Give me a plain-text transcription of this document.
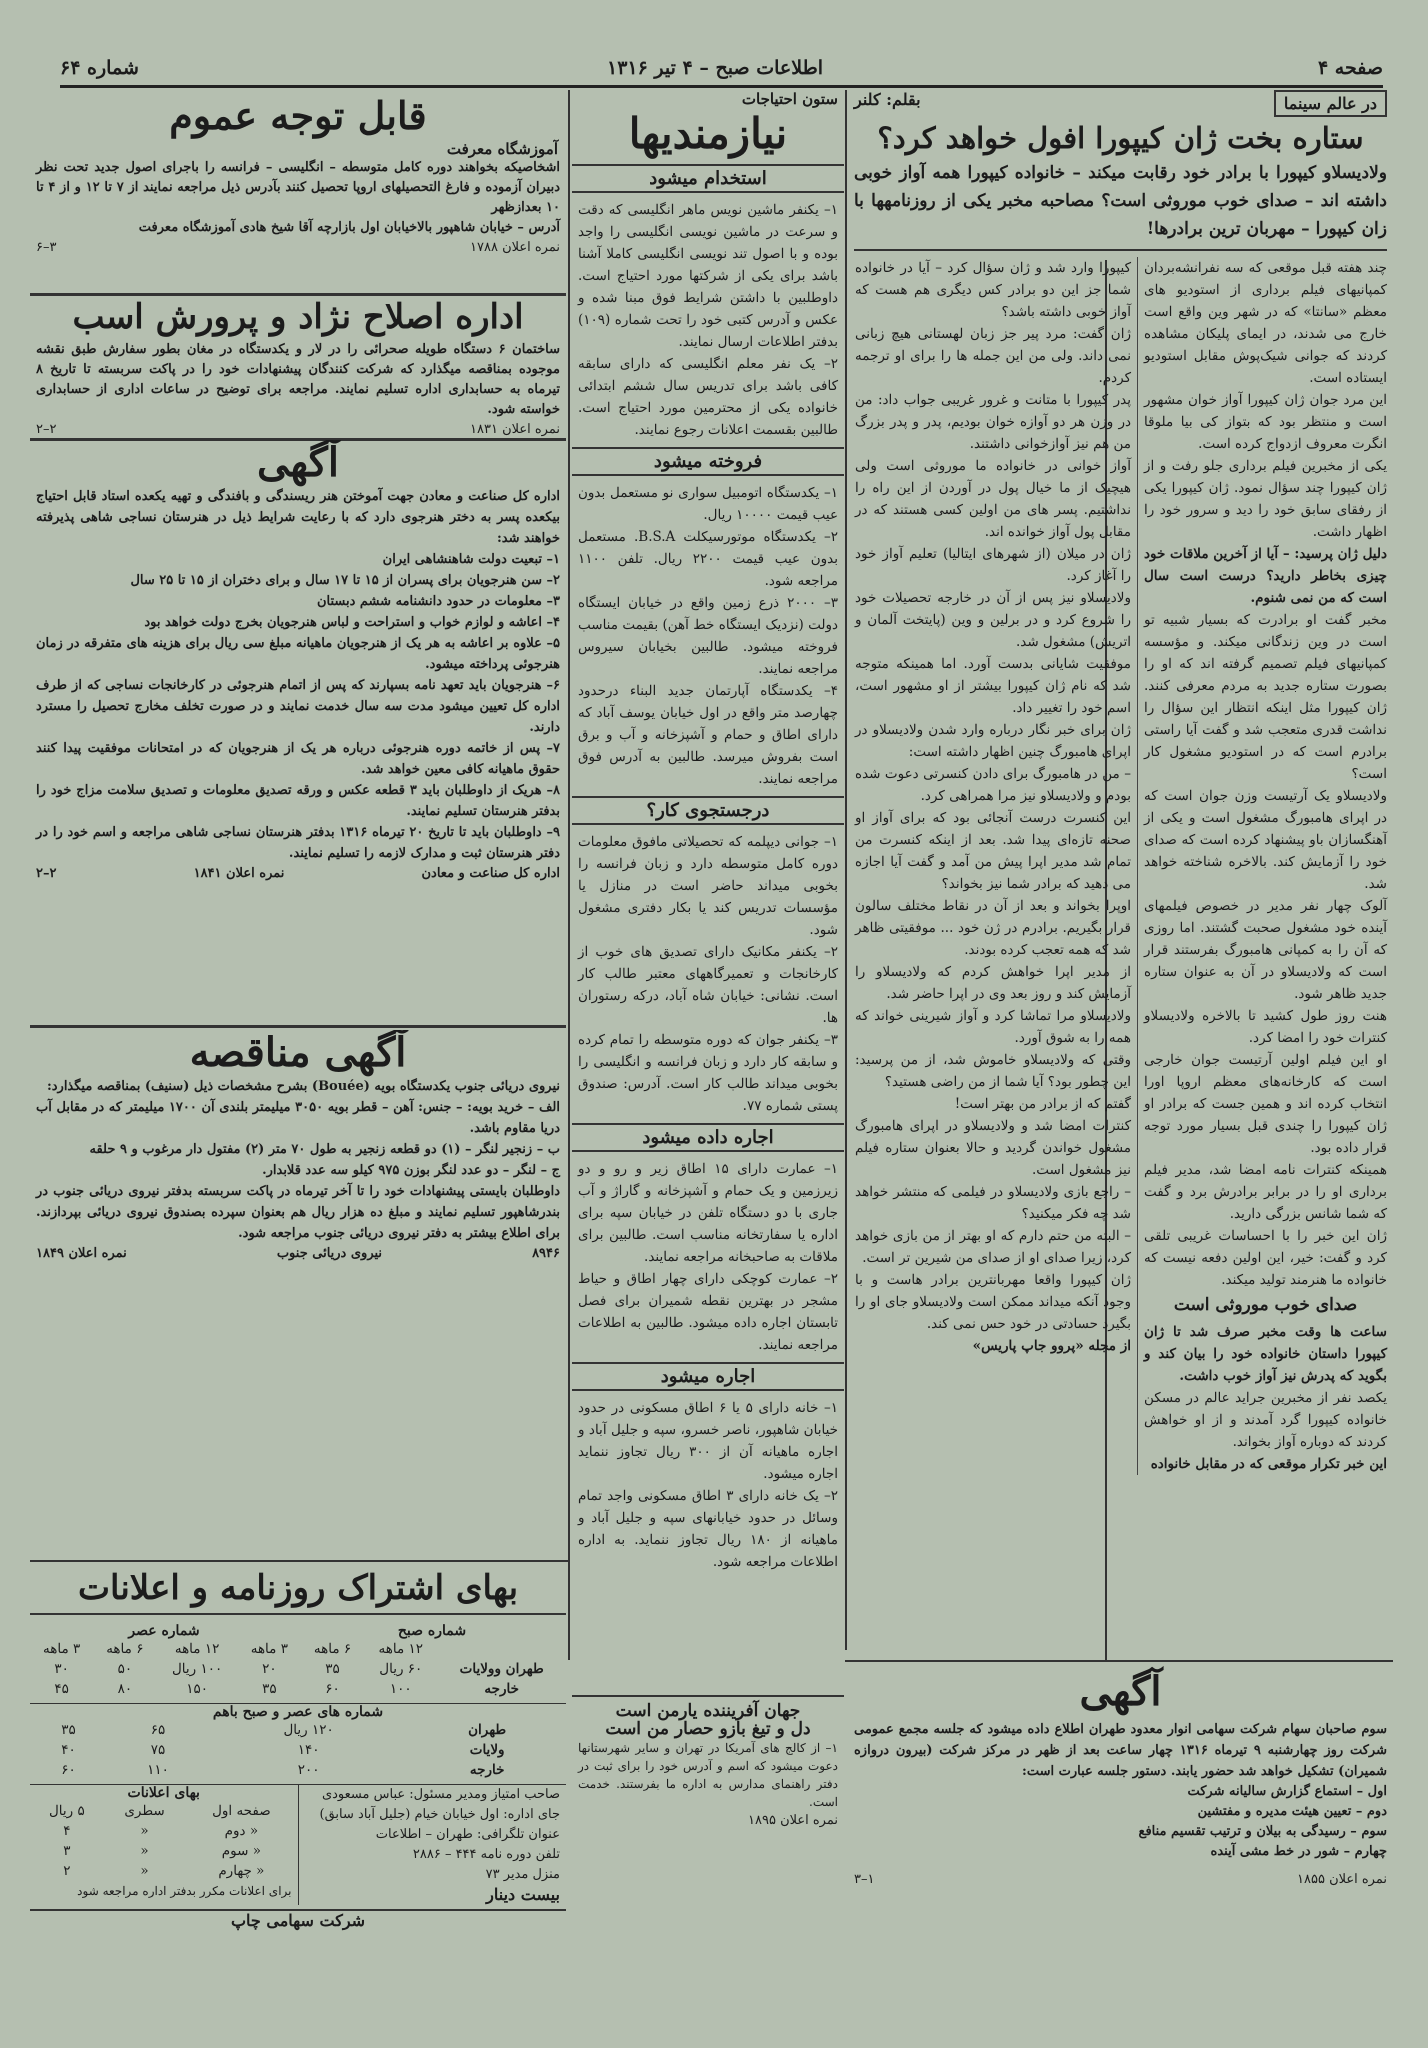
صفحه ۴
اطلاعات صبح – ۴ تیر ۱۳۱۶
شماره ۶۴
در عالم سینما
بقلم: کلنر
ستاره بخت ژان کیپورا افول خواهد کرد؟
ولادیسلاو کیپورا با برادر خود رقابت میکند – خانواده کیپورا همه آواز خوبی داشته اند – صدای خوب موروثی است؟ مصاحبه مخبر یکی از روزنامهها با زان کیپورا – مهربان ترین برادرها!

چند هفته قبل موقعی که سه نفرانشه‌بردان کمپانیهای فیلم برداری از استودیو های معظم «سانتا» که در شهر وین واقع است خارج می شدند، در ایمای پلیکان مشاهده کردند که جوانی شیک‌پوش مقابل استودیو ایستاده است.

این مرد جوان ژان کیپورا آواز خوان مشهور است و منتظر بود که بتواز کی بیا ملوقا انگرت معروف ازدواج کرده است.

یکی از مخبرین فیلم برداری جلو رفت و از ژان کیپورا چند سؤال نمود. ژان کیپورا یکی از رفقای سابق خود را دید و سرور خود را اظهار داشت.

دلیل ژان پرسید: – آیا از آخرین ملاقات خود چیزی بخاطر دارید؟ درست است سال است که من نمی شنوم.

مخبر گفت او برادرت که بسیار شبیه تو است در وین زندگانی میکند. و مؤسسه کمپانیهای فیلم تصمیم گرفته اند که او را بصورت ستاره جدید به مردم معرفی کنند. ژان کیپورا مثل اینکه انتظار این سؤال را نداشت قدری متعجب شد و گفت آیا راستی برادرم است که در استودیو مشغول کار است؟

ولادیسلاو یک آرتیست وزن جوان است که در اپرای هامبورگ مشغول است و یکی از آهنگسازان باو پیشنهاد کرده است که صدای خود را آزمایش کند. بالاخره شناخته خواهد شد.

آلوک چهار نفر مدیر در خصوص فیلمهای آینده خود مشغول صحبت گشتند. اما روزی که آن را به کمپانی هامبورگ بفرستند قرار است که ولادیسلاو در آن به عنوان ستاره جدید ظاهر شود.

هنت روز طول کشید تا بالاخره ولادیسلاو کنترات خود را امضا کرد.

او این فیلم اولین آرتیست جوان خارجی است که کارخانه‌های معظم اروپا اورا انتخاب کرده اند و همین جست که برادر او ژان کیپورا را چندی قبل بسیار مورد توجه قرار داده بود.

همینکه کنترات نامه امضا شد، مدیر فیلم برداری او را در برابر برادرش برد و گفت که شما شانس بزرگی دارید.

ژان این خبر را با احساسات غریبی تلقی کرد و گفت: خیر، این اولین دفعه نیست که خانواده ما هنرمند تولید میکند.

صدای خوب موروثی است

ساعت ها وقت مخبر صرف شد تا ژان کیپورا داستان خانواده خود را بیان کند و بگوید که پدرش نیز آواز خوب داشت.

یکصد نفر از مخبرین جراید عالم در مسکن خانواده کیپورا گرد آمدند و از او خواهش کردند که دوباره آواز بخواند.

این خبر تکرار موقعی که در مقابل خانواده

کیپورا وارد شد و ژان سؤال کرد – آیا در خانواده شما جز این دو برادر کس دیگری هم هست که آواز خوبی داشته باشد؟

ژان گفت: مرد پیر جز زبان لهستانی هیچ زبانی نمی داند. ولی من این جمله ها را برای او ترجمه کردم.

پدر کیپورا با متانت و غرور غریبی جواب داد: من در وزن هر دو آوازه خوان بودیم، پدر و پدر بزرگ من هم نیز آوازخوانی داشتند.

آواز خوانی در خانواده ما موروثی است ولی هیچیک از ما خیال پول در آوردن از این راه را نداشتیم. پسر های من اولین کسی هستند که در مقابل پول آواز خوانده اند.

ژان در میلان (از شهرهای ایتالیا) تعلیم آواز خود را آغاز کرد.

ولادیسلاو نیز پس از آن در خارجه تحصیلات خود را شروع کرد و در برلین و وین (پایتخت آلمان و اتریش) مشغول شد.

موفقیت شایانی بدست آورد. اما همینکه متوجه شد که نام ژان کیپورا بیشتر از او مشهور است، اسم خود را تغییر داد.

ژان برای خبر نگار درباره وارد شدن ولادیسلاو در اپرای هامبورگ چنین اظهار داشته است:

– من در هامبورگ برای دادن کنسرتی دعوت شده بودم و ولادیسلاو نیز مرا همراهی کرد.

این کنسرت درست آنجائی بود که برای آواز او صحنه تازه‌ای پیدا شد. بعد از اینکه کنسرت من تمام شد مدیر اپرا پیش من آمد و گفت آیا اجازه می دهید که برادر شما نیز بخواند؟

اوپرا بخواند و بعد از آن در نقاط مختلف سالون قرار بگیریم. برادرم در ژن خود ... موفقیتی ظاهر شد که همه تعجب کرده بودند.

از مدیر اپرا خواهش کردم که ولادیسلاو را آزمایش کند و روز بعد وی در اپرا حاضر شد.

ولادیسلاو مرا تماشا کرد و آواز شیرینی خواند که همه را به شوق آورد.

وقتی که ولادیسلاو خاموش شد، از من پرسید: این چطور بود؟ آیا شما از من راضی هستید؟

گفتم که از برادر من بهتر است!

کنترات امضا شد و ولادیسلاو در اپرای هامبورگ مشغول خواندن گردید و حالا بعنوان ستاره فیلم نیز مشغول است.

– راجع بازی ولادیسلاو در فیلمی که منتشر خواهد شد چه فکر میکنید؟

– البته من حتم دارم که او بهتر از من بازی خواهد کرد، زیرا صدای او از صدای من شیرین تر است.

ژان کیپورا واقعا مهربانترین برادر هاست و با وجود آنکه میداند ممکن است ولادیسلاو جای او را بگیرد حسادتی در خود حس نمی کند.

از مجله «پروو جاپ پاریس»

ستون احتیاجات
نیازمندیها
استخدام میشود

۱– یکنفر ماشین نویس ماهر انگلیسی که دقت و سرعت در ماشین نویسی انگلیسی را واجد بوده و با اصول تند نویسی انگلیسی کاملا آشنا باشد برای یکی از شرکتها مورد احتیاج است. داوطلبین با داشتن شرایط فوق مبنا شده و عکس و آدرس کتبی خود را تحت شماره (۱۰۹) بدفتر اطلاعات ارسال نمایند.

۲– یک نفر معلم انگلیسی که دارای سابقه کافی باشد برای تدریس سال ششم ابتدائی خانواده یکی از محترمین مورد احتیاج است. طالبین بقسمت اعلانات رجوع نمایند.

فروخته میشود

۱– یکدستگاه اتومبیل سواری نو مستعمل بدون عیب قیمت ۱۰۰۰۰ ریال.

۲– یکدستگاه موتورسیکلت B.S.A. مستعمل بدون عیب قیمت ۲۲۰۰ ریال. تلفن ۱۱۰۰ مراجعه شود.

۳– ۲۰۰۰ ذرع زمین واقع در خیابان ایستگاه دولت (نزدیک ایستگاه خط آهن) بقیمت مناسب فروخته میشود. طالبین بخیابان سیروس مراجعه نمایند.

۴– یکدستگاه آپارتمان جدید البناء درحدود چهارصد متر واقع در اول خیابان یوسف آباد که دارای اطاق و حمام و آشپزخانه و آب و برق است بفروش میرسد. طالبین به آدرس فوق مراجعه نمایند.

درجستجوی کار؟

۱– جوانی دیپلمه که تحصیلاتی مافوق معلومات دوره کامل متوسطه دارد و زبان فرانسه را بخوبی میداند حاضر است در منازل یا مؤسسات تدریس کند یا بکار دفتری مشغول شود.

۲– یکنفر مکانیک دارای تصدیق های خوب از کارخانجات و تعمیرگاههای معتبر طالب کار است. نشانی: خیابان شاه آباد، درکه رستوران ها.

۳– یکنفر جوان که دوره متوسطه را تمام کرده و سابقه کار دارد و زبان فرانسه و انگلیسی را بخوبی میداند طالب کار است. آدرس: صندوق پستی شماره ۷۷.

اجاره داده میشود

۱– عمارت دارای ۱۵ اطاق زیر و رو و دو زیرزمین و یک حمام و آشپزخانه و گاراژ و آب جاری با دو دستگاه تلفن در خیابان سپه برای اداره یا سفارتخانه مناسب است. طالبین برای ملاقات به صاحبخانه مراجعه نمایند.

۲– عمارت کوچکی دارای چهار اطاق و حیاط مشجر در بهترین نقطه شمیران برای فصل تابستان اجاره داده میشود. طالبین به اطلاعات مراجعه نمایند.

اجاره میشود

۱– خانه دارای ۵ یا ۶ اطاق مسکونی در حدود خیابان شاهپور، ناصر خسرو، سپه و جلیل آباد و اجاره ماهیانه آن از ۳۰۰ ریال تجاوز ننماید اجاره میشود.

۲– یک خانه دارای ۳ اطاق مسکونی واجد تمام وسائل در حدود خیابانهای سپه و جلیل آباد و ماهیانه از ۱۸۰ ریال تجاوز ننماید. به اداره اطلاعات مراجعه شود.

جهان آفریننده یارمن است
دل و تیغ بازو حصار من است

۱– از کالج های آمریکا در تهران و سایر شهرستانها دعوت میشود که اسم و آدرس خود را برای ثبت در دفتر راهنمای مدارس به اداره ما بفرستند. خدمت است.

نمره اعلان ۱۸۹۵
قابل توجه عموم
آموزشگاه معرفت

اشخاصیکه بخواهند دوره کامل متوسطه – انگلیسی – فرانسه را باجرای اصول جدید تحت نظر دبیران آزموده و فارغ التحصیلهای اروپا تحصیل کنند بآدرس ذیل مراجعه نمایند از ۷ تا ۱۲ و از ۴ تا ۱۰ بعدازظهر

آدرس – خیابان شاهپور بالاخیابان اول بازارچه آقا شیخ هادی آموزشگاه معرفت

نمره اعلان ۱۷۸۸
۳–۶
اداره اصلاح نژاد و پرورش اسب

ساختمان ۶ دستگاه طویله صحرائی را در لار و یکدستگاه در مغان بطور سفارش طبق نقشه موجوده بمناقصه میگذارد که شرکت کنندگان پیشنهادات خود را در پاکت سربسته تا تاریخ ۸ تیرماه به حسابداری اداره تسلیم نمایند. مراجعه برای توضیح در ساعات اداری از حسابداری خواسته شود.

نمره اعلان ۱۸۳۱
۲–۲
آگهی

اداره کل صناعت و معادن جهت آموختن هنر ریسندگی و بافندگی و تهیه یکعده استاد قابل احتیاج بیکعده پسر به دختر هنرجوی دارد که با رعایت شرایط ذیل در هنرستان نساجی شاهی پذیرفته خواهند شد:

۱– تبعیت دولت شاهنشاهی ایران

۲– سن هنرجویان برای پسران از ۱۵ تا ۱۷ سال و برای دختران از ۱۵ تا ۲۵ سال

۳– معلومات در حدود دانشنامه ششم دبستان

۴– اعاشه و لوازم خواب و استراحت و لباس هنرجویان بخرج دولت خواهد بود

۵– علاوه بر اعاشه به هر یک از هنرجویان ماهیانه مبلغ سی ریال برای هزینه های متفرقه در زمان هنرجوئی پرداخته میشود.

۶– هنرجویان باید تعهد نامه بسپارند که پس از اتمام هنرجوئی در کارخانجات نساجی که از طرف اداره کل تعیین میشود مدت سه سال خدمت نمایند و در صورت تخلف مخارج تحصیل را مسترد دارند.

۷– پس از خاتمه دوره هنرجوئی درباره هر یک از هنرجویان که در امتحانات موفقیت پیدا کنند حقوق ماهیانه کافی معین خواهد شد.

۸– هریک از داوطلبان باید ۳ قطعه عکس و ورقه تصدیق معلومات و تصدیق سلامت مزاج خود را بدفتر هنرستان تسلیم نمایند.

۹– داوطلبان باید تا تاریخ ۲۰ تیرماه ۱۳۱۶ بدفتر هنرستان نساجی شاهی مراجعه و اسم خود را در دفتر هنرستان ثبت و مدارک لازمه را تسلیم نمایند.

اداره کل صناعت و معادن
نمره اعلان ۱۸۴۱
۲–۲
آگهی مناقصه

نیروی دریائی جنوب یکدستگاه بویه (Bouée) بشرح مشخصات ذیل (سنیف) بمناقصه میگذارد:

الف – خرید بویه: – جنس: آهن – قطر بویه ۳۰۵۰ میلیمتر بلندی آن ۱۷۰۰ میلیمتر که در مقابل آب دریا مقاوم باشد.

ب – زنجیر لنگر – (۱) دو قطعه زنجیر به طول ۷۰ متر (۲) مفتول دار مرغوب و ۹ حلقه

ج – لنگر – دو عدد لنگر بوزن ۹۷۵ کیلو سه عدد قلابدار.

داوطلبان بایستی پیشنهادات خود را تا آخر تیرماه در پاکت سربسته بدفتر نیروی دریائی جنوب در بندرشاهپور تسلیم نمایند و مبلغ ده هزار ریال هم بعنوان سپرده بصندوق نیروی دریائی بپردازند. برای اطلاع بیشتر به دفتر نیروی دریائی جنوب مراجعه شود.

۸۹۴۶
نیروی دریائی جنوب
نمره اعلان ۱۸۴۹
بهای اشتراک روزنامه و اعلانات
شماره صبح
شماره عصر
	۱۲ ماهه	۶ ماهه	۳ ماهه	۱۲ ماهه	۶ ماهه	۳ ماهه
طهران وولایات	۶۰ ریال	۳۵	۲۰	۱۰۰ ریال	۵۰	۳۰
خارجه	۱۰۰	۶۰	۳۵	۱۵۰	۸۰	۴۵
شماره های عصر و صبح باهم
طهران	۱۲۰ ریال	۶۵	۳۵
ولایات	۱۴۰	۷۵	۴۰
خارجه	۲۰۰	۱۱۰	۶۰
صاحب امتیاز ومدیر مسئول: عباس مسعودی
جای اداره: اول خیابان خیام (جلیل آباد سابق)
عنوان تلگرافی: طهران – اطلاعات
تلفن دوره نامه ۴۴۴ – ۲۸۸۶
منزل مدیر ۷۳
بیست دینار
بهای اعلانات
صفحه اول	سطری	۵ ریال
« دوم	«	۴
« سوم	«	۳
« چهارم	«	۲
برای اعلانات مکرر بدفتر اداره مراجعه شود
شرکت سهامی چاپ
آگهی

سوم صاحبان سهام شرکت سهامی انوار معدود طهران اطلاع داده میشود که جلسه مجمع عمومی شرکت روز چهارشنبه ۹ تیرماه ۱۳۱۶ چهار ساعت بعد از ظهر در مرکز شرکت (بیرون دروازه شمیران) تشکیل خواهد شد حضور یابند. دستور جلسه عبارت است:

اول – استماع گزارش سالیانه شرکت
دوم – تعیین هیئت مدیره و مفتشین
سوم – رسیدگی به بیلان و ترتیب تقسیم منافع
چهارم – شور در خط مشی آینده
نمره اعلان ۱۸۵۵
۱–۳
